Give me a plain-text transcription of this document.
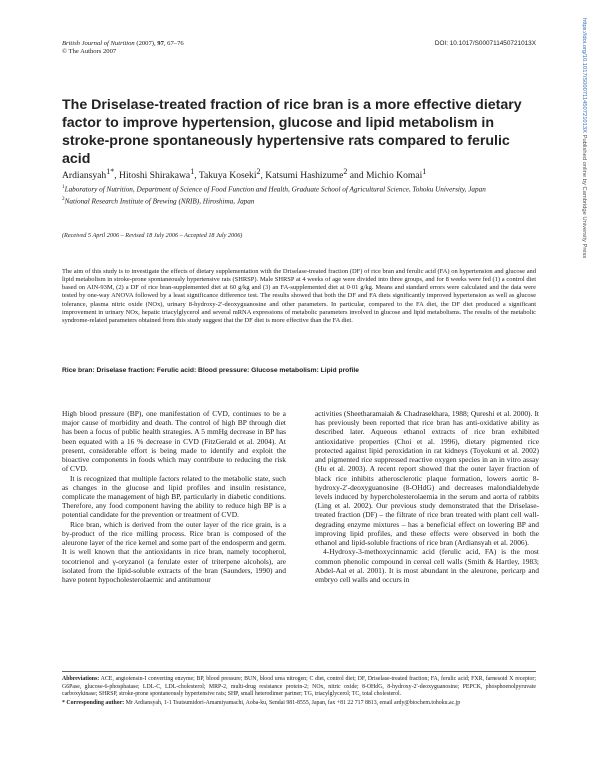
British Journal of Nutrition (2007), 97, 67–76
© The Authors 2007
DOI: 10.1017/S000711450721013X	https://doi.org/10.1017/S000711450721013X Published online by Cambridge University Press
The Driselase-treated fraction of rice bran is a more effective dietary factor to improve hypertension, glucose and lipid metabolism in stroke-prone spontaneously hypertensive rats compared to ferulic acid
Ardiansyah$^{1*}$, Hitoshi Shirakawa$^1$, Takuya Koseki$^2$, Katsumi Hashizume$^2$ and Michio Komai$^1$
$^1$Laboratory of Nutrition, Department of Science of Food Function and Health, Graduate School of Agricultural Science, Tohoku University, Japan
$^2$National Research Institute of Brewing (NRIB), Hiroshima, Japan
(Received 5 April 2006 – Revised 18 July 2006 – Accepted 18 July 2006)

The aim of this study is to investigate the effects of dietary supplementation with the Driselase-treated fraction (DF) of rice bran and ferulic acid (FA) on hypertension and glucose and lipid metabolism in stroke-prone spontaneously hypertensive rats (SHRSP). Male SHRSP at 4 weeks of age were divided into three groups, and for 8 weeks were fed (1) a control diet based on AIN-93M, (2) a DF of rice bran-supplemented diet at 60 g/kg and (3) an FA-supplemented diet at 0·01 g/kg. Means and standard errors were calculated and the data were tested by one-way ANOVA followed by a least significance difference test. The results showed that both the DF and FA diets significantly improved hypertension as well as glucose tolerance, plasma nitric oxide (NOx), urinary 8-hydroxy-2′-deoxyguanosine and other parameters. In particular, compared to the FA diet, the DF diet produced a significant improvement in urinary NOx, hepatic triacylglycerol and several mRNA expressions of metabolic parameters involved in glucose and lipid metabolisms. The results of the metabolic syndrome-related parameters obtained from this study suggest that the DF diet is more effective than the FA diet.

Rice bran: Driselase fraction: Ferulic acid: Blood pressure: Glucose metabolism: Lipid profile

High blood pressure (BP), one manifestation of CVD, continues to be a major cause of morbidity and death. The control of high BP through diet has been a focus of public health strategies. A 5 mmHg decrease in BP has been equated with a 16 % decrease in CVD (FitzGerald et al. 2004). At present, considerable effort is being made to identify and exploit the bioactive components in foods which may contribute to reducing the risk of CVD.

It is recognized that multiple factors related to the metabolic state, such as changes in the glucose and lipid profiles and insulin resistance, complicate the management of high BP, particularly in diabetic conditions. Therefore, any food component having the ability to reduce high BP is a potential candidate for the prevention or treatment of CVD.

Rice bran, which is derived from the outer layer of the rice grain, is a by-product of the rice milling process. Rice bran is composed of the aleurone layer of the rice kernel and some part of the endosperm and germ. It is well known that the antioxidants in rice bran, namely tocopherol, tocotrienol and γ-oryzanol (a ferulate ester of triterpene alcohols), are isolated from the lipid-soluble extracts of the bran (Saunders, 1990) and have potent hypocholesterolaemic and antitumour

activities (Sheetharamaiah & Chadrasekhara, 1988; Qureshi et al. 2000). It has previously been reported that rice bran has anti-oxidative ability as described later. Aqueous ethanol extracts of rice bran exhibited antioxidative properties (Choi et al. 1996), dietary pigmented rice protected against lipid peroxidation in rat kidneys (Toyokuni et al. 2002) and pigmented rice suppressed reactive oxygen species in an in vitro assay (Hu et al. 2003). A recent report showed that the outer layer fraction of black rice inhibits atherosclerotic plaque formation, lowers aortic 8-hydroxy-2′-deoxyguanosine (8-OHdG) and decreases malondialdehyde levels induced by hypercholesterolaemia in the serum and aorta of rabbits (Ling et al. 2002). Our previous study demonstrated that the Driselase-treated fraction (DF) – the filtrate of rice bran treated with plant cell wall-degrading enzyme mixtures – has a beneficial effect on lowering BP and improving lipid profiles, and these effects were observed in both the ethanol and lipid-soluble fractions of rice bran (Ardiansyah et al. 2006).

4-Hydroxy-3-methoxycinnamic acid (ferulic acid, FA) is the most common phenolic compound in cereal cell walls (Smith & Hartley, 1983; Abdel-Aal et al. 2001). It is most abundant in the aleurone, pericarp and embryo cell walls and occurs in

Abbreviations: ACE, angiotensin-I converting enzyme; BP, blood pressure; BUN, blood urea nitrogen; C diet, control diet; DF, Driselase-treated fraction; FA, ferulic acid; FXR, farnesoid X receptor; G6Pase, glucose-6-phosphatase; LDL-C, LDL-cholesterol; MRP-2, multi-drug resistance protein-2; NOx, nitric oxide; 8-OHdG, 8-hydroxy-2′-deoxyguanosine; PEPCK, phosphoenolpyruvate carboxykinase; SHRSP, stroke-prone spontaneously hypertensive rats; SHP, small heterodimer partner; TG, triacylglycerol; TC, total cholesterol.

* Corresponding author: Mr Ardiansyah, 1-1 Tsutsumidori-Amamiyamachi, Aoba-ku, Sendai 981-8555, Japan, fax +81 22 717 8813, email ardy@biochem.tohoku.ac.jp
